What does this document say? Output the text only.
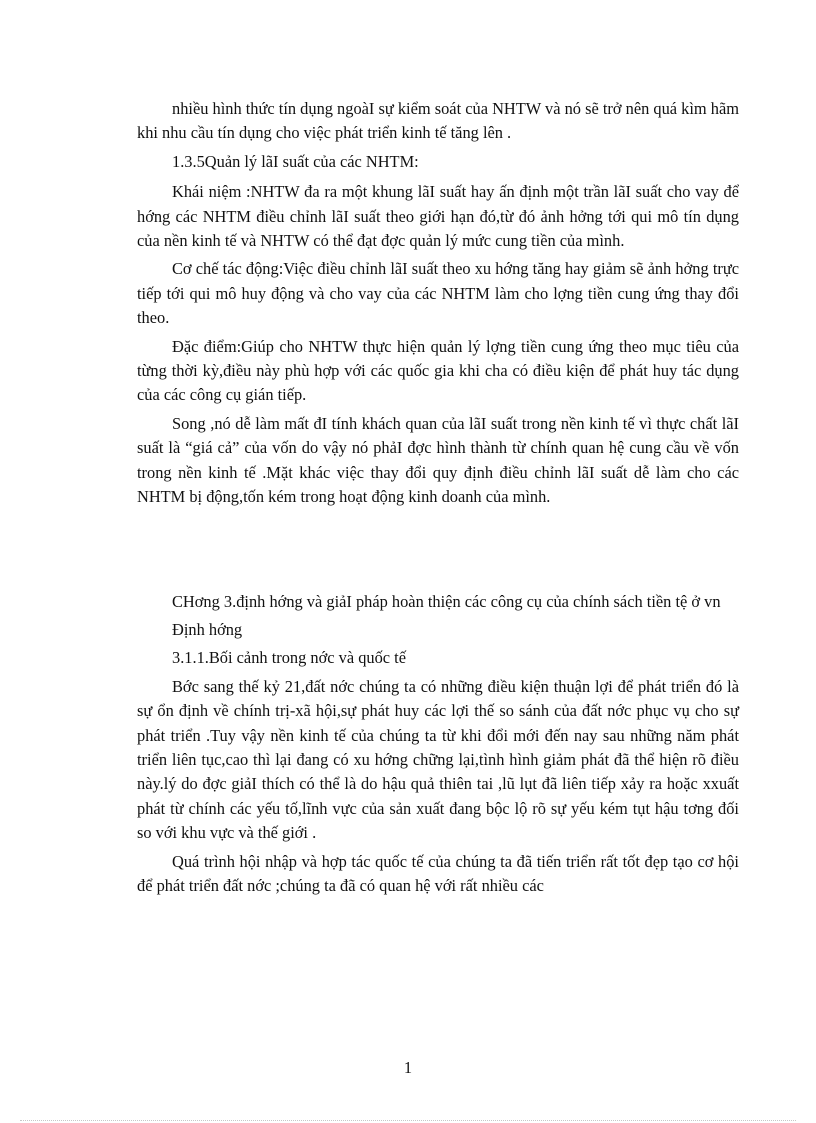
nhiều hình thức tín dụng ngoàI sự kiểm soát của NHTW và nó sẽ trở nên quá kìm hãm khi nhu cầu tín dụng cho việc phát triển kinh tế tăng lên .

1.3.5Quản lý lãI suất của các NHTM:

Khái niệm :NHTW đa ra một khung lãI suất hay ấn định một trần lãI suất cho vay để hớng các NHTM điều chỉnh lãI suất theo giới hạn đó,từ đó ảnh hởng tới qui mô tín dụng của nền kinh tế và NHTW có thể đạt đợc quản lý mức cung tiền của mình.

Cơ chế tác động:Việc điều chỉnh lãI suất theo xu hớng tăng hay giảm sẽ ảnh hởng trực tiếp tới qui mô huy động và cho vay của các NHTM làm cho lợng tiền cung ứng thay đổi theo.

Đặc điểm:Giúp cho NHTW thực hiện quản lý lợng tiền cung ứng theo mục tiêu của từng thời kỳ,điều này phù hợp với các quốc gia khi cha có điều kiện để phát huy tác dụng của các công cụ gián tiếp.

Song ,nó dễ làm mất đI tính khách quan của lãI suất trong nền kinh tế vì thực chất lãI suất là “giá cả” của vốn do vậy nó phảI đợc hình thành từ chính quan hệ cung cầu về vốn trong nền kinh tế .Mặt khác việc thay đổi quy định điều chỉnh lãI suất dễ làm cho các NHTM bị động,tốn kém trong hoạt động kinh doanh của mình.

CHơng 3.định hớng và giảI pháp hoàn thiện các công cụ của chính sách tiền tệ ở vn

Định hớng

3.1.1.Bối cảnh trong nớc và quốc tế

Bớc sang thế kỷ 21,đất nớc chúng ta có những điều kiện thuận lợi để phát triển đó là sự ổn định về chính trị-xã hội,sự phát huy các lợi thế so sánh của đất nớc phục vụ cho sự phát triển .Tuy vậy nền kinh tế của chúng ta từ khi đổi mới đến nay sau những năm phát triển liên tục,cao thì lại đang có xu hớng chững lại,tình hình giảm phát đã thể hiện rõ điều này.lý do đợc giảI thích có thể là do hậu quả thiên tai ,lũ lụt đã liên tiếp xảy ra hoặc xxuất phát từ chính các yếu tố,lĩnh vực của sản xuất đang bộc lộ rõ sự yếu kém tụt hậu tơng đối so với khu vực và thế giới .

Quá trình hội nhập và hợp tác quốc tế của chúng ta đã tiến triển rất tốt đẹp tạo cơ hội để phát triển đất nớc ;chúng ta đã có quan hệ với rất nhiều các

1
